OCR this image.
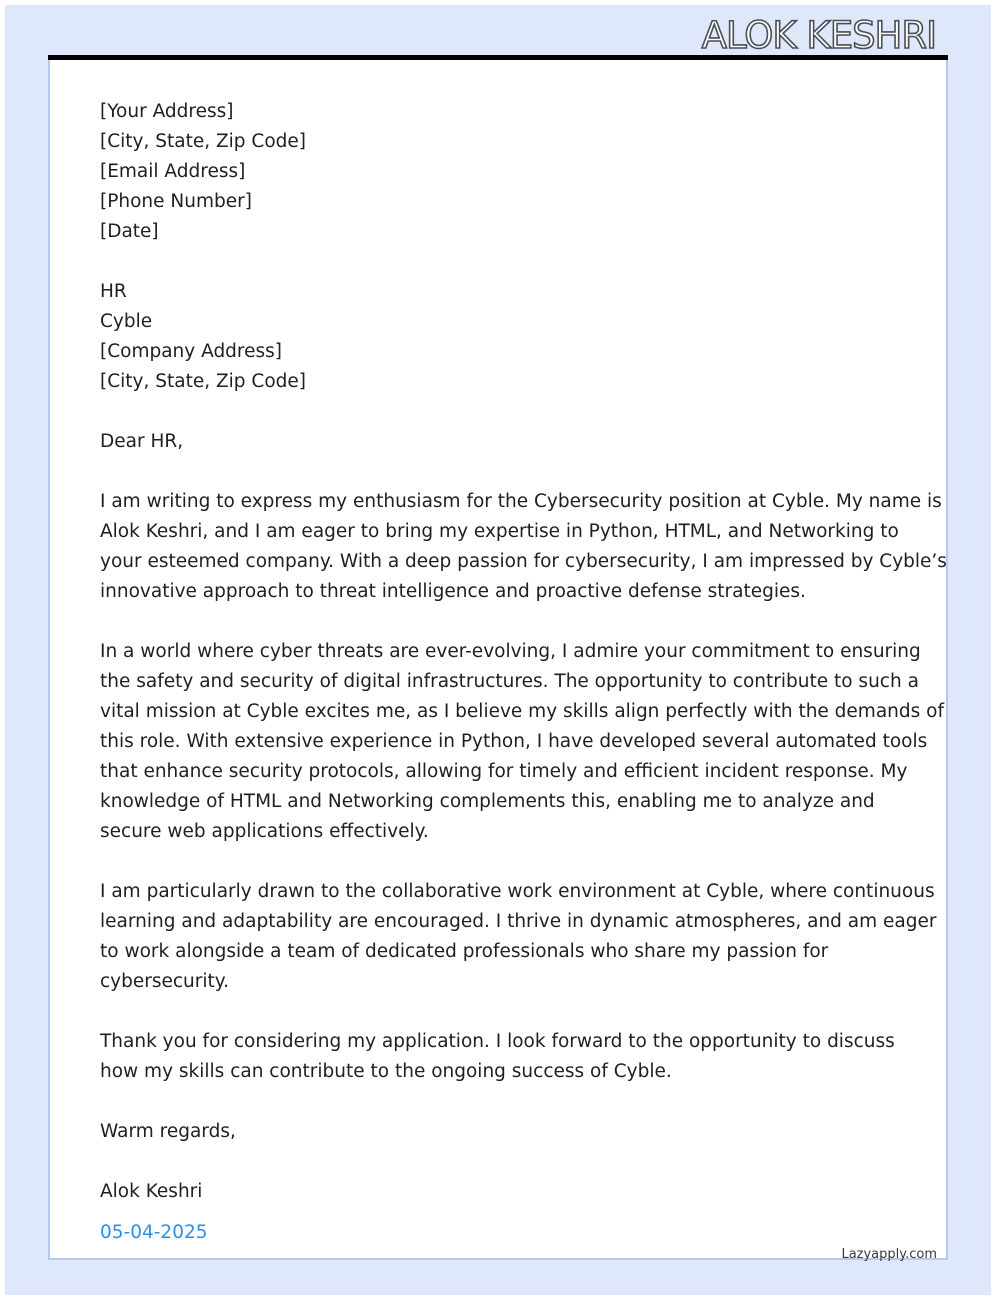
ALOK KESHRI
[Your Address]
[City, State, Zip Code]
[Email Address]
[Phone Number]
[Date]
HR
Cyble
[Company Address]
[City, State, Zip Code]
Dear HR,
I am writing to express my enthusiasm for the Cybersecurity position at Cyble. My name is
Alok Keshri, and I am eager to bring my expertise in Python, HTML, and Networking to
your esteemed company. With a deep passion for cybersecurity, I am impressed by Cyble’s
innovative approach to threat intelligence and proactive defense strategies.
In a world where cyber threats are ever-evolving, I admire your commitment to ensuring
the safety and security of digital infrastructures. The opportunity to contribute to such a
vital mission at Cyble excites me, as I believe my skills align perfectly with the demands of
this role. With extensive experience in Python, I have developed several automated tools
that enhance security protocols, allowing for timely and efficient incident response. My
knowledge of HTML and Networking complements this, enabling me to analyze and
secure web applications effectively.
I am particularly drawn to the collaborative work environment at Cyble, where continuous
learning and adaptability are encouraged. I thrive in dynamic atmospheres, and am eager
to work alongside a team of dedicated professionals who share my passion for
cybersecurity.
Thank you for considering my application. I look forward to the opportunity to discuss
how my skills can contribute to the ongoing success of Cyble.
Warm regards,
Alok Keshri
05-04-2025
Lazyapply.com
